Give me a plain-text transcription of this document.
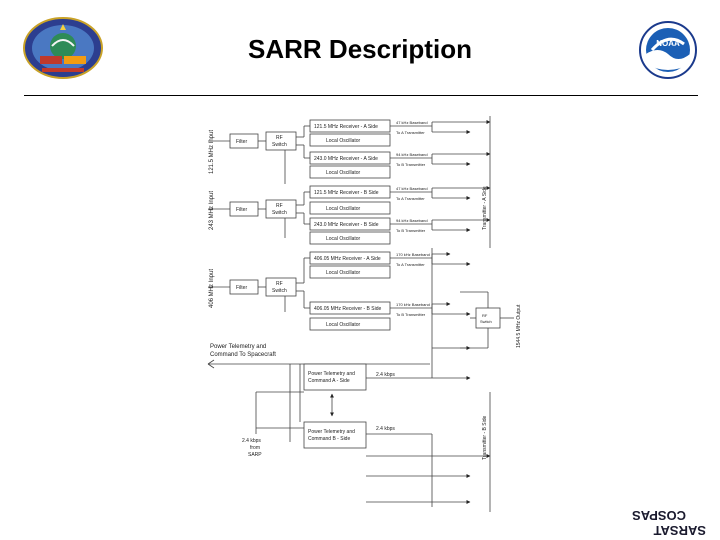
SARR Description	NOAA
121.5 MHz Input
243 MHz Input
406 MHz Input
Filter
RF
Switch
121.5 MHz Receiver - A Side
Local Oscillator
243.0 MHz Receiver - A Side
Local Oscillator
47 kHz Baseband
To A Transmitter
94 kHz Baseband
To B Transmitter
Filter
RF
Switch
121.5 MHz Receiver - B Side
Local Oscillator
243.0 MHz Receiver - B Side
Local Oscillator
47 kHz Baseband
To A Transmitter
94 kHz Baseband
To B Transmitter
Transmitter - A Side
Filter
RF
Switch
406.05 MHz Receiver - A Side
Local Oscillator
406.05 MHz Receiver - B Side
Local Oscillator
170 kHz Baseband
To A Transmitter
170 kHz Baseband
To B Transmitter	RF
Switch	1544.5 MHz Output
Power Telemetry and
Command To Spacecraft
Power Telemetry and
Command A - Side
Power Telemetry and
Command B - Side
2.4 kbps
2.4 kbps
2.4 kbps
from
SARP	Transmitter - B Side
SARSAT
COSPAS
